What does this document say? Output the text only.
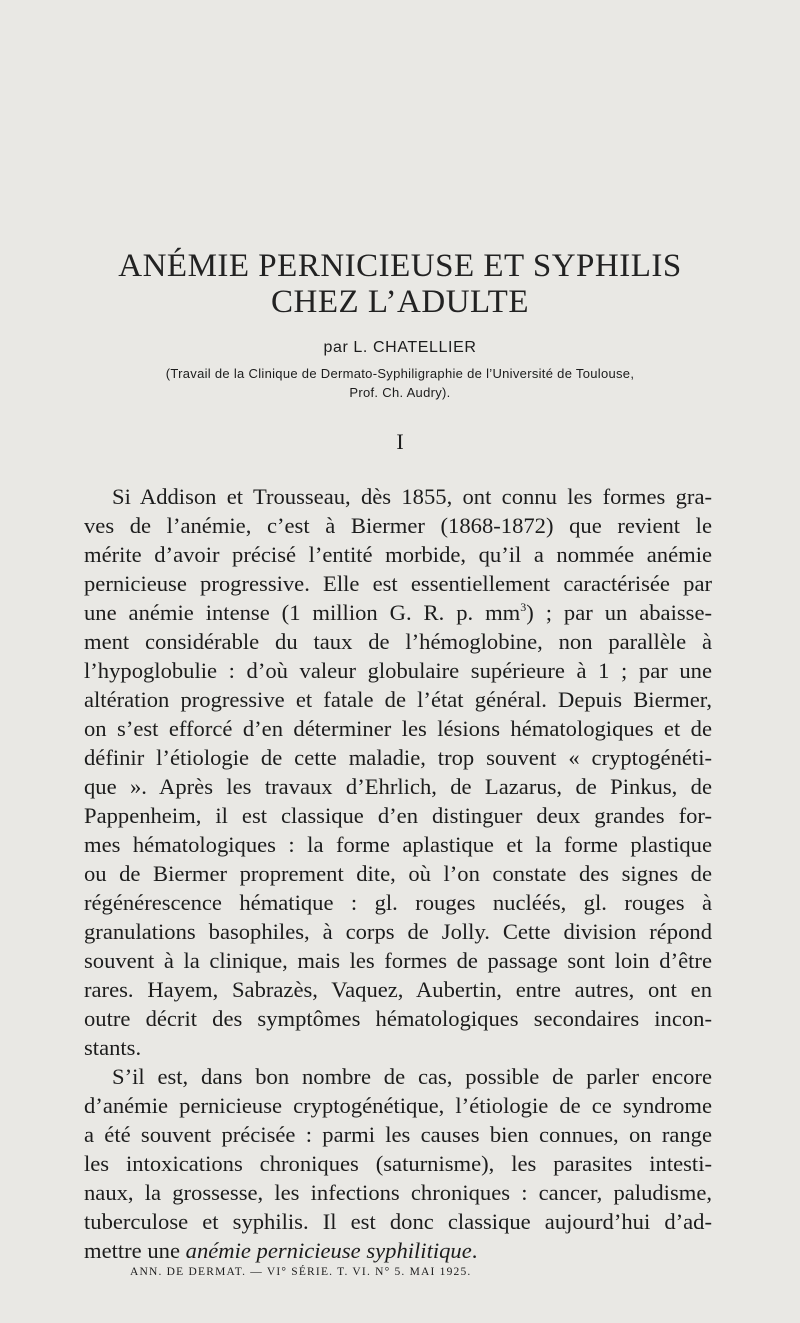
ANÉMIE PERNICIEUSE ET SYPHILIS
CHEZ L’ADULTE
par L. CHATELLIER
(Travail de la Clinique de Dermato-Syphiligraphie de l’Université de Toulouse,
Prof. Ch. Audry).
I
Si Addison et Trousseau, dès 1855, ont connu les formes gra-
ves de l’anémie, c’est à Biermer (1868-1872) que revient le
mérite d’avoir précisé l’entité morbide, qu’il a nommée anémie
pernicieuse progressive. Elle est essentiellement caractérisée par
une anémie intense (1 million G. R. p. $mm^3$) ; par un abaisse-
ment considérable du taux de l’hémoglobine, non parallèle à
l’hypoglobulie : d’où valeur globulaire supérieure à 1 ; par une
altération progressive et fatale de l’état général. Depuis Biermer,
on s’est efforcé d’en déterminer les lésions hématologiques et de
définir l’étiologie de cette maladie, trop souvent « cryptogénéti-
que ». Après les travaux d’Ehrlich, de Lazarus, de Pinkus, de
Pappenheim, il est classique d’en distinguer deux grandes for-
mes hématologiques : la forme aplastique et la forme plastique
ou de Biermer proprement dite, où l’on constate des signes de
régénérescence hématique : gl. rouges nucléés, gl. rouges à
granulations basophiles, à corps de Jolly. Cette division répond
souvent à la clinique, mais les formes de passage sont loin d’être
rares. Hayem, Sabrazès, Vaquez, Aubertin, entre autres, ont en
outre décrit des symptômes hématologiques secondaires incon-
stants.
S’il est, dans bon nombre de cas, possible de parler encore
d’anémie pernicieuse cryptogénétique, l’étiologie de ce syndrome
a été souvent précisée : parmi les causes bien connues, on range
les intoxications chroniques (saturnisme), les parasites intesti-
naux, la grossesse, les infections chroniques : cancer, paludisme,
tuberculose et syphilis. Il est donc classique aujourd’hui d’ad-
mettre une anémie pernicieuse syphilitique.
ANN. DE DERMAT. — VI° SÉRIE. T. VI. N° 5. MAI 1925.
